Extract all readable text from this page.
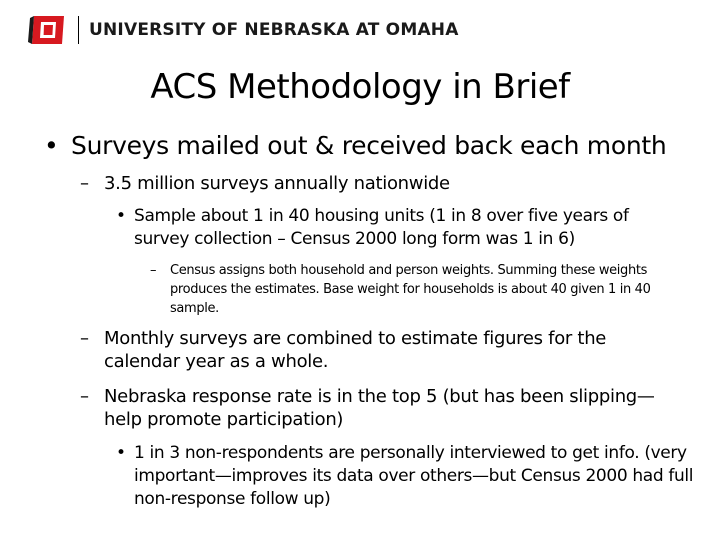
UNIVERSITY OF NEBRASKA AT OMAHA
ACS Methodology in Brief
• Surveys mailed out & received back each month
– 3.5 million surveys annually nationwide
• Sample about 1 in 40 housing units (1 in 8 over five years of survey collection – Census 2000 long form was 1 in 6)
–	Census assigns both household and person weights. Summing these weights produces the estimates. Base weight for households is about 40 given 1 in 40 sample.
– Monthly surveys are combined to estimate figures for the calendar year as a whole.
– Nebraska response rate is in the top 5 (but has been slipping—help promote participation)
• 1 in 3 non-respondents are personally interviewed to get info. (very important—improves its data over others—but Census 2000 had full non-response follow up)
